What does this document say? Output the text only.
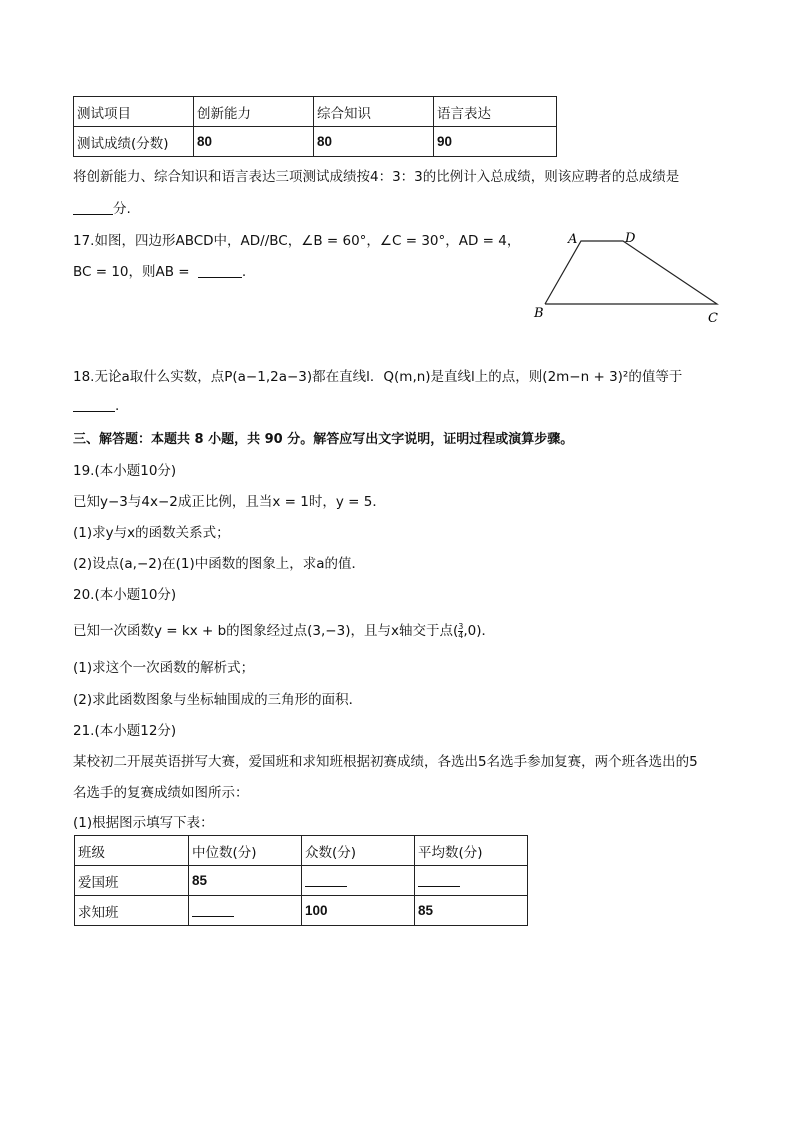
测试项目	创新能力	综合知识	语言表达
测试成绩(分数)	80	80	90
将创新能力、综合知识和语言表达三项测试成绩按4：3：3的比例计入总成绩，则该应聘者的总成绩是
分.
17.如图，四边形ABCD中，AD//BC，∠B = 60°，∠C = 30°，AD = 4，
BC = 10，则AB =	.
A	D
B	C
18.无论a取什么实数，点P(a−1,2a−3)都在直线l．Q(m,n)是直线l上的点，则(2m−n + 3)²的值等于
.
三、解答题：本题共 8 小题，共 90 分。解答应写出文字说明，证明过程或演算步骤。
19.(本小题10分)
已知y−3与4x−2成正比例，且当x = 1时，y = 5．
(1)求y与x的函数关系式；
(2)设点(a,−2)在(1)中函数的图象上，求a的值．
20.(本小题10分)
已知一次函数y = kx + b的图象经过点(3,−3)，且与x轴交于点( $\frac{3}{4} ,0$)．
(1)求这个一次函数的解析式；
(2)求此函数图象与坐标轴围成的三角形的面积．
21.(本小题12分)
某校初二开展英语拼写大赛，爱国班和求知班根据初赛成绩，各选出5名选手参加复赛，两个班各选出的5
名选手的复赛成绩如图所示：
(1)根据图示填写下表：
班级	中位数(分)	众数(分)	平均数(分)
爱国班	85		
求知班		100	85
